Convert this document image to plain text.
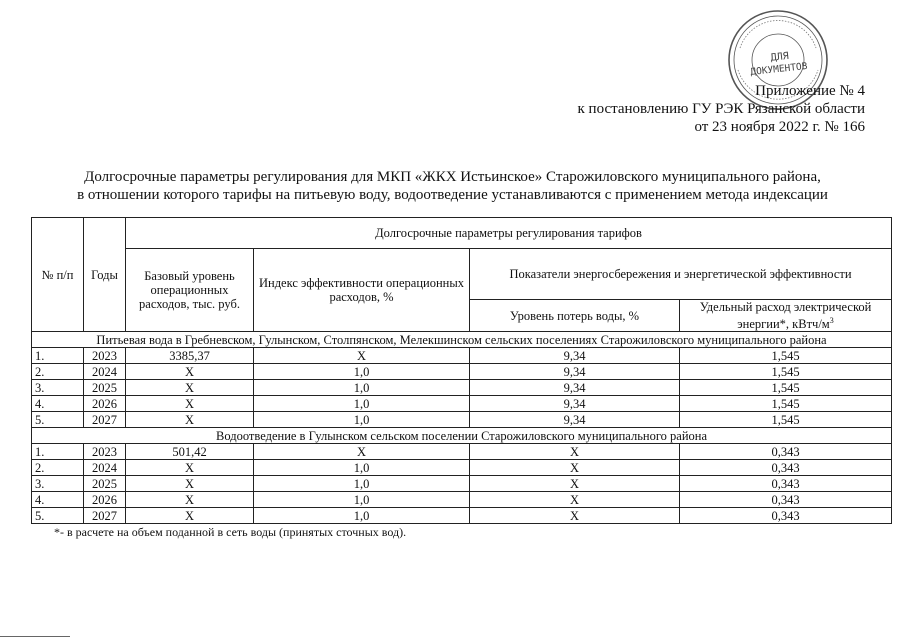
ДЛЯ
ДОКУМЕНТОВ
Приложение № 4
к постановлению ГУ РЭК Рязанской области
от 23 ноября 2022 г. № 166
Долгосрочные параметры регулирования для МКП «ЖКХ Истьинское» Старожиловского муниципального района,
в отношении которого тарифы на питьевую воду, водоотведение устанавливаются с применением метода индексации
№ п/п	Годы	Долгосрочные параметры регулирования тарифов			
		Базовый уровень операционных расходов, тыс. руб.	Индекс эффективности операционных расходов, %	Показатели энергосбережения и энергетической эффективности	
				Уровень потерь воды, %	Удельный расход электрической энергии*, кВтч/$м^3$
Питьевая вода в Гребневском, Гулынском, Столпянском, Мелекшинском сельских поселениях Старожиловского муниципального района					
1.	2023	3385,37	Х	9,34	1,545
2.	2024	Х	1,0	9,34	1,545
3.	2025	Х	1,0	9,34	1,545
4.	2026	Х	1,0	9,34	1,545
5.	2027	Х	1,0	9,34	1,545
Водоотведение в Гулынском сельском поселении Старожиловского муниципального района					
1.	2023	501,42	Х	Х	0,343
2.	2024	Х	1,0	Х	0,343
3.	2025	Х	1,0	Х	0,343
4.	2026	Х	1,0	Х	0,343
5.	2027	Х	1,0	Х	0,343
*- в расчете на объем поданной в сеть воды (принятых сточных вод).
